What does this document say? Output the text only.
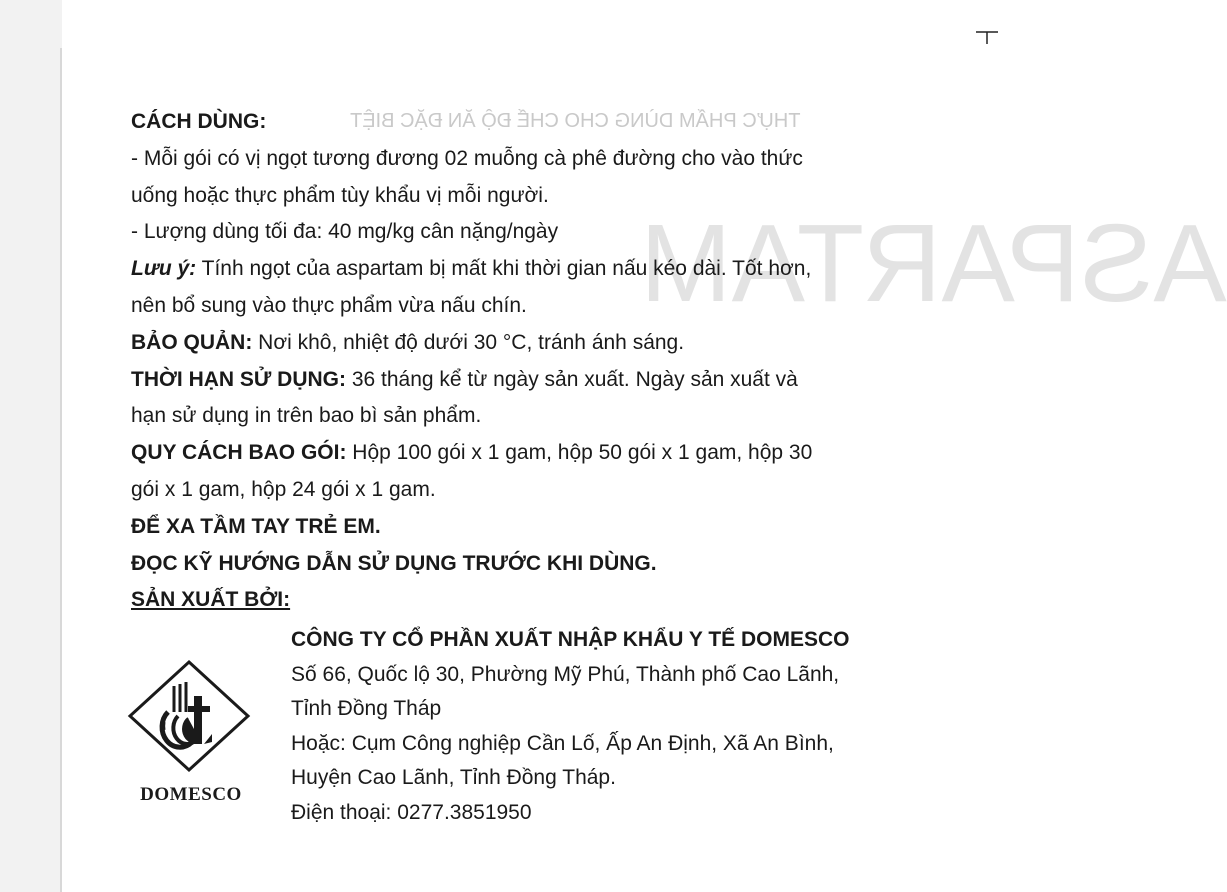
THỰC PHẨM DÙNG CHO CHẾ ĐỘ ĂN ĐẶC BIỆT
ASPARTAM
CÁCH DÙNG:
- Mỗi gói có vị ngọt tương đương 02 muỗng cà phê đường cho vào thức
uống hoặc thực phẩm tùy khẩu vị mỗi người.
- Lượng dùng tối đa: 40 mg/kg cân nặng/ngày
Lưu ý: Tính ngọt của aspartam bị mất khi thời gian nấu kéo dài. Tốt hơn,
nên bổ sung vào thực phẩm vừa nấu chín.
BẢO QUẢN: Nơi khô, nhiệt độ dưới 30 °C, tránh ánh sáng.
THỜI HẠN SỬ DỤNG: 36 tháng kể từ ngày sản xuất. Ngày sản xuất và
hạn sử dụng in trên bao bì sản phẩm.
QUY CÁCH BAO GÓI: Hộp 100 gói x 1 gam, hộp 50 gói x 1 gam, hộp 30
gói x 1 gam, hộp 24 gói x 1 gam.
ĐỂ XA TẦM TAY TRẺ EM.
ĐỌC KỸ HƯỚNG DẪN SỬ DỤNG TRƯỚC KHI DÙNG.
SẢN XUẤT BỞI:
CÔNG TY CỔ PHẦN XUẤT NHẬP KHẨU Y TẾ DOMESCO
Số 66, Quốc lộ 30, Phường Mỹ Phú, Thành phố Cao Lãnh,
Tỉnh Đồng Tháp
Hoặc: Cụm Công nghiệp Cần Lố, Ấp An Định, Xã An Bình,
Huyện Cao Lãnh, Tỉnh Đồng Tháp.
Điện thoại: 0277.3851950
DOMESCO
